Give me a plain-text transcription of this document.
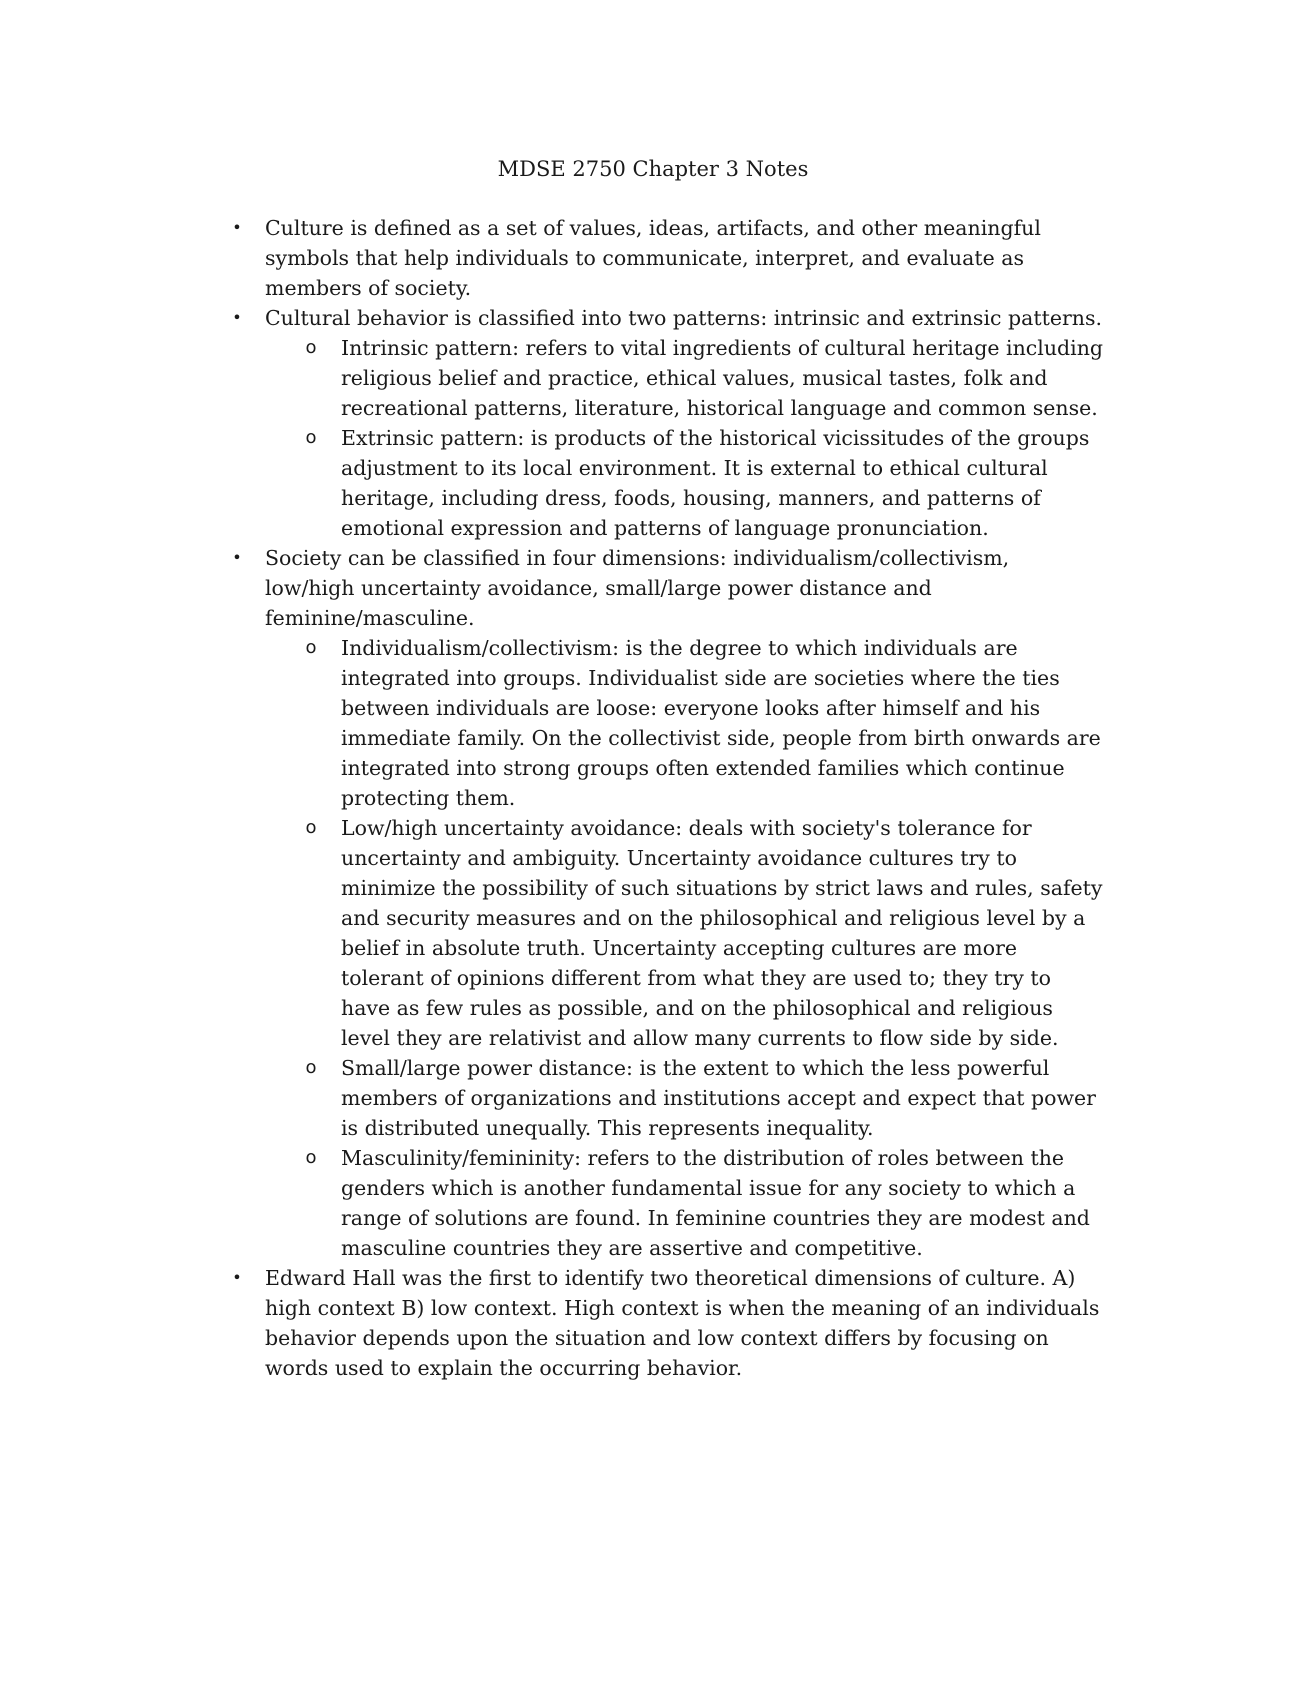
MDSE 2750 Chapter 3 Notes
• Culture is defined as a set of values, ideas, artifacts, and other meaningful symbols that help individuals to communicate, interpret, and evaluate as members of society.
• Cultural behavior is classified into two patterns: intrinsic and extrinsic patterns.
o Intrinsic pattern: refers to vital ingredients of cultural heritage including religious belief and practice, ethical values, musical tastes, folk and recreational patterns, literature, historical language and common sense.
o Extrinsic pattern: is products of the historical vicissitudes of the groups adjustment to its local environment. It is external to ethical cultural heritage, including dress, foods, housing, manners, and patterns of emotional expression and patterns of language pronunciation.
• Society can be classified in four dimensions: individualism/collectivism, low/high uncertainty avoidance, small/large power distance and feminine/masculine.
o Individualism/collectivism: is the degree to which individuals are integrated into groups. Individualist side are societies where the ties between individuals are loose: everyone looks after himself and his immediate family. On the collectivist side, people from birth onwards are integrated into strong groups often extended families which continue protecting them.
o Low/high uncertainty avoidance: deals with society's tolerance for uncertainty and ambiguity. Uncertainty avoidance cultures try to minimize the possibility of such situations by strict laws and rules, safety and security measures and on the philosophical and religious level by a belief in absolute truth. Uncertainty accepting cultures are more tolerant of opinions different from what they are used to; they try to have as few rules as possible, and on the philosophical and religious level they are relativist and allow many currents to flow side by side.
o Small/large power distance: is the extent to which the less powerful members of organizations and institutions accept and expect that power is distributed unequally. This represents inequality.
o Masculinity/femininity: refers to the distribution of roles between the genders which is another fundamental issue for any society to which a range of solutions are found. In feminine countries they are modest and masculine countries they are assertive and competitive.
• Edward Hall was the first to identify two theoretical dimensions of culture. A) high context B) low context. High context is when the meaning of an individuals behavior depends upon the situation and low context differs by focusing on words used to explain the occurring behavior.
